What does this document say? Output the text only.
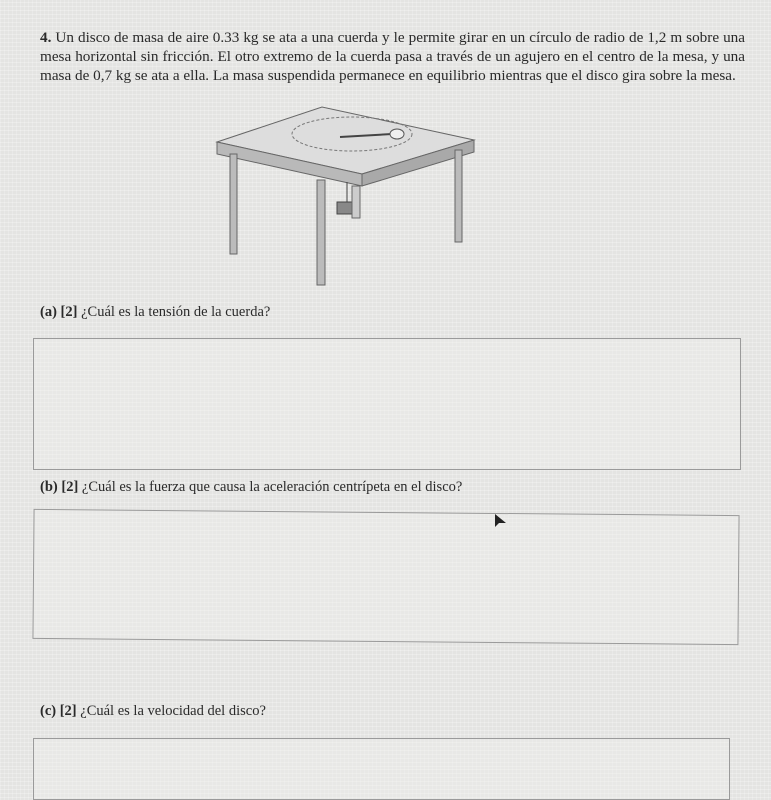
4. Un disco de masa de aire 0.33 kg se ata a una cuerda y le permite girar en un círculo de radio de 1,2 m sobre una mesa horizontal sin fricción. El otro extremo de la cuerda pasa a través de un agujero en el centro de la mesa, y una masa de 0,7 kg se ata a ella. La masa suspendida permanece en equilibrio mientras que el disco gira sobre la mesa.
(a) [2] ¿Cuál es la tensión de la cuerda?
(b) [2] ¿Cuál es la fuerza que causa la aceleración centrípeta en el disco?
(c) [2] ¿Cuál es la velocidad del disco?
